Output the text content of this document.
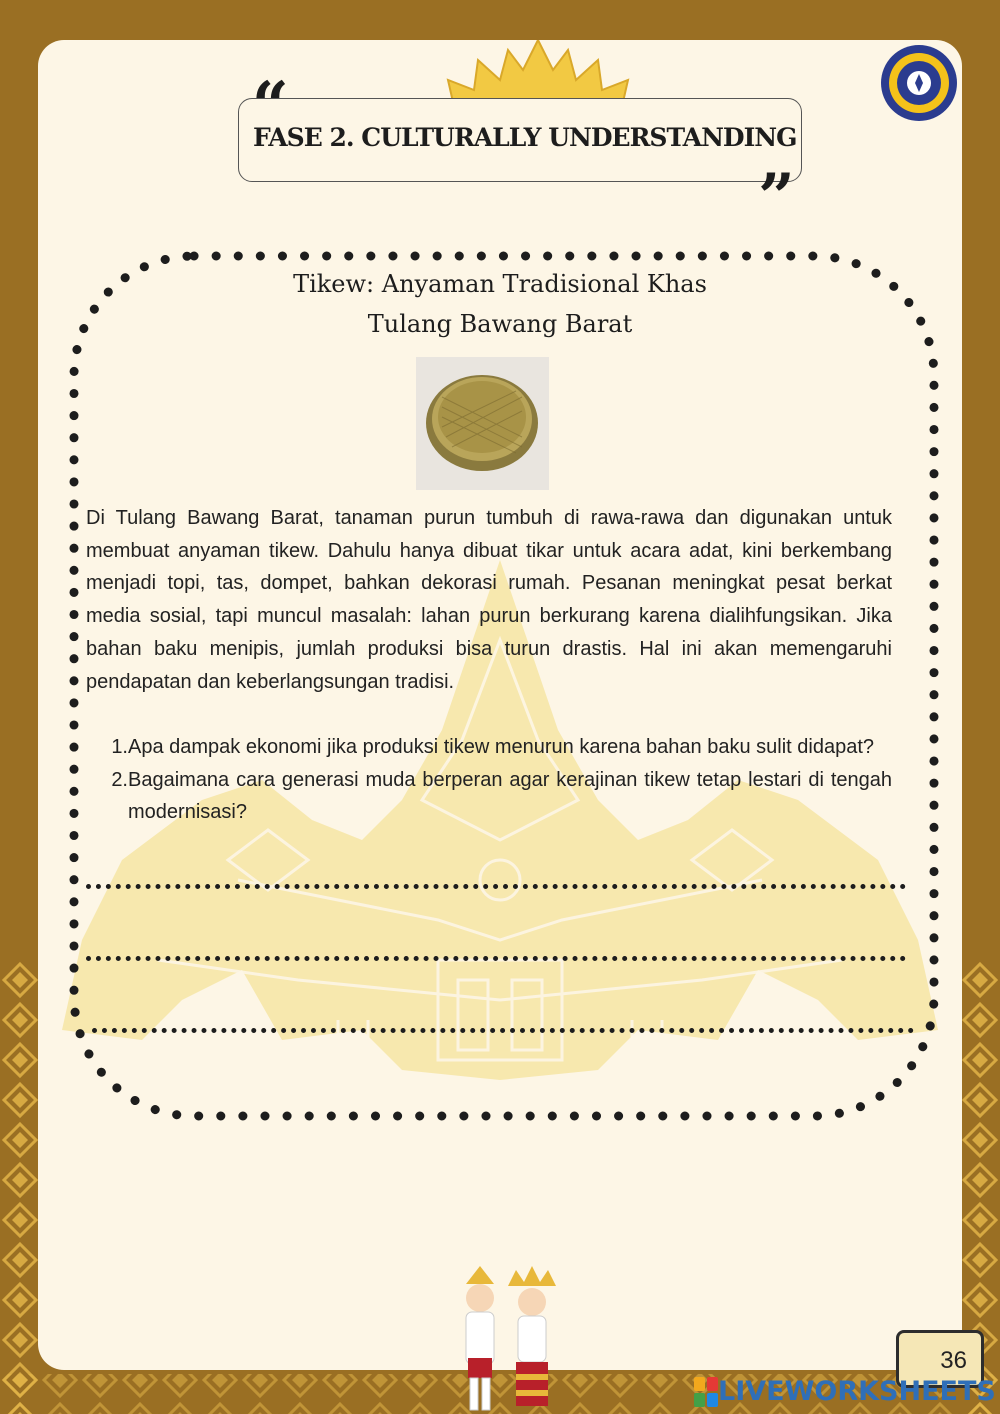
FASE 2. CULTURALLY UNDERSTANDING
“
”
Tikew: Anyaman Tradisional Khas
Tulang Bawang Barat
Di Tulang Bawang Barat, tanaman purun tumbuh di rawa-rawa dan digunakan untuk membuat anyaman tikew. Dahulu hanya dibuat tikar untuk acara adat, kini berkembang menjadi topi, tas, dompet, bahkan dekorasi rumah. Pesanan meningkat pesat berkat media sosial, tapi muncul masalah: lahan purun berkurang karena dialihfungsikan. Jika bahan baku menipis, jumlah produksi bisa turun drastis. Hal ini akan memengaruhi pendapatan dan keberlangsungan tradisi.
1. Apa dampak ekonomi jika produksi tikew menurun karena bahan baku sulit didapat?
2. Bagaimana cara generasi muda berperan agar kerajinan tikew tetap lestari di tengah modernisasi?
36
LIVEWORKSHEETS
